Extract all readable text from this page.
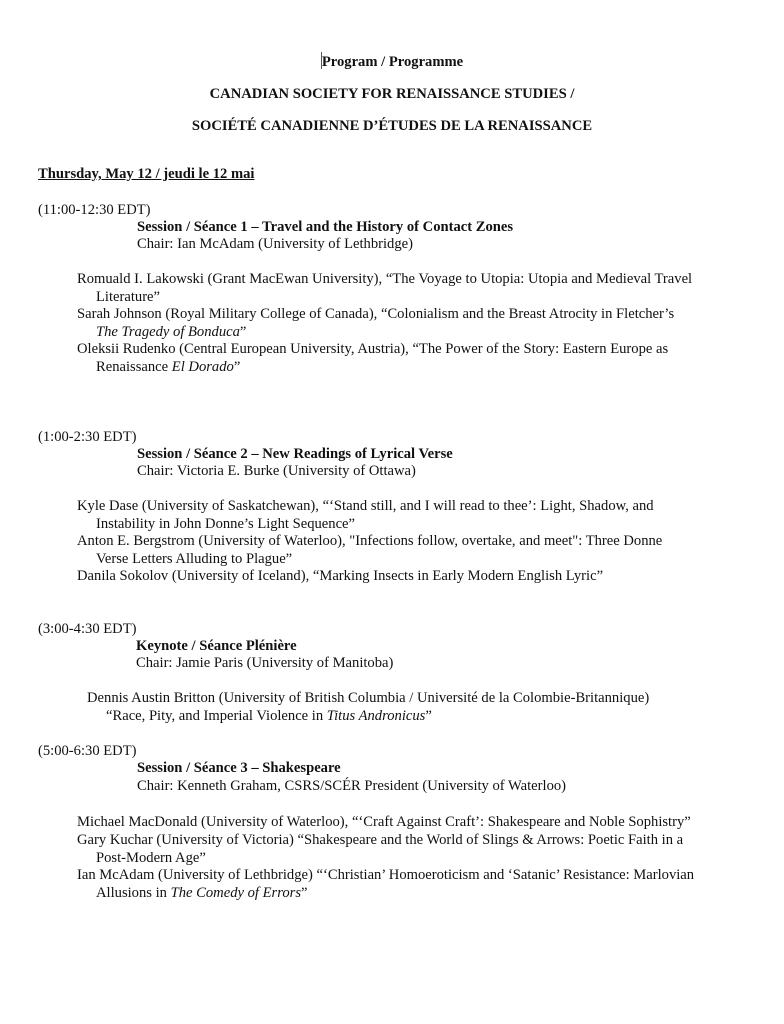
Program / Programme
CANADIAN SOCIETY FOR RENAISSANCE STUDIES /
SOCIÉTÉ CANADIENNE D’ÉTUDES DE LA RENAISSANCE
Thursday, May 12 / jeudi le 12 mai
(11:00-12:30 EDT)
Session / Séance 1 – Travel and the History of Contact Zones
Chair: Ian McAdam (University of Lethbridge)
Romuald I. Lakowski (Grant MacEwan University), “The Voyage to Utopia: Utopia and Medieval Travel
Literature”
Sarah Johnson (Royal Military College of Canada), “Colonialism and the Breast Atrocity in Fletcher’s
The Tragedy of Bonduca”
Oleksii Rudenko (Central European University, Austria), “The Power of the Story: Eastern Europe as
Renaissance El Dorado”
(1:00-2:30 EDT)
Session / Séance 2 – New Readings of Lyrical Verse
Chair: Victoria E. Burke (University of Ottawa)
Kyle Dase (University of Saskatchewan), “‘Stand still, and I will read to thee’: Light, Shadow, and
Instability in John Donne’s Light Sequence”
Anton E. Bergstrom (University of Waterloo), "Infections follow, overtake, and meet": Three Donne
Verse Letters Alluding to Plague”
Danila Sokolov (University of Iceland), “Marking Insects in Early Modern English Lyric”
(3:00-4:30 EDT)
Keynote / Séance Plénière
Chair: Jamie Paris (University of Manitoba)
Dennis Austin Britton (University of British Columbia / Université de la Colombie-Britannique)
“Race, Pity, and Imperial Violence in Titus Andronicus”
(5:00-6:30 EDT)
Session / Séance 3 – Shakespeare
Chair: Kenneth Graham, CSRS/SCÉR President (University of Waterloo)
Michael MacDonald (University of Waterloo), “‘Craft Against Craft’: Shakespeare and Noble Sophistry”
Gary Kuchar (University of Victoria) “Shakespeare and the World of Slings & Arrows: Poetic Faith in a
Post-Modern Age”
Ian McAdam (University of Lethbridge) “‘Christian’ Homoeroticism and ‘Satanic’ Resistance: Marlovian
Allusions in The Comedy of Errors”
